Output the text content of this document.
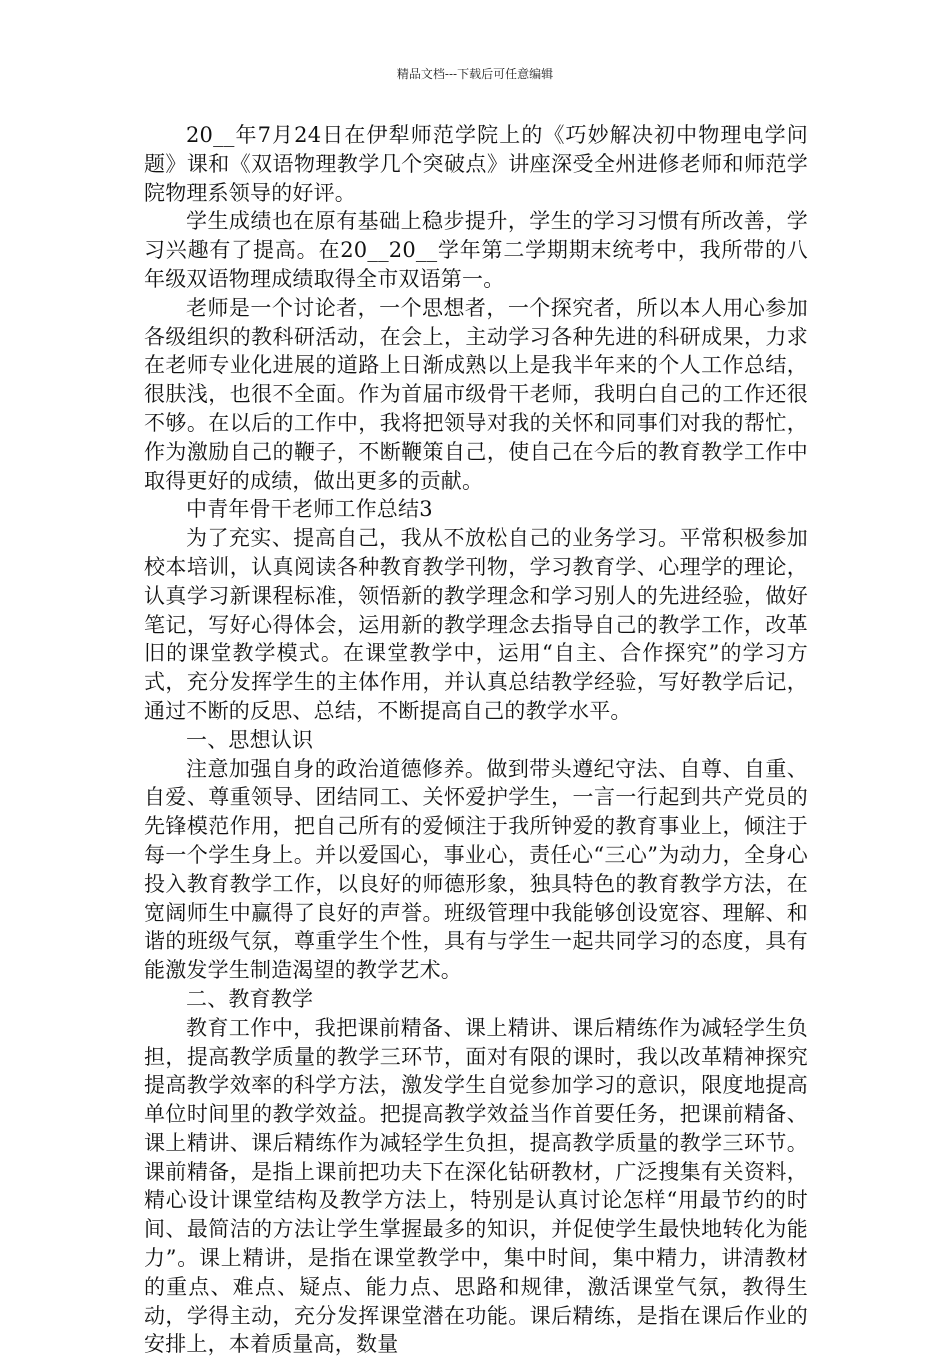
精品文档---下载后可任意编辑

20__年7月24日在伊犁师范学院上的《巧妙解决初中物理电学问题》课和《双语物理教学几个突破点》讲座深受全州进修老师和师范学院物理系领导的好评。

学生成绩也在原有基础上稳步提升，学生的学习习惯有所改善，学习兴趣有了提高。在20__20__学年第二学期期末统考中，我所带的八年级双语物理成绩取得全市双语第一。

老师是一个讨论者，一个思想者，一个探究者，所以本人用心参加各级组织的教科研活动，在会上，主动学习各种先进的科研成果，力求在老师专业化进展的道路上日渐成熟以上是我半年来的个人工作总结，很肤浅，也很不全面。作为首届市级骨干老师，我明白自己的工作还很不够。在以后的工作中，我将把领导对我的关怀和同事们对我的帮忙，作为激励自己的鞭子，不断鞭策自己，使自己在今后的教育教学工作中取得更好的成绩，做出更多的贡献。

中青年骨干老师工作总结3

为了充实、提高自己，我从不放松自己的业务学习。平常积极参加校本培训，认真阅读各种教育教学刊物，学习教育学、心理学的理论，认真学习新课程标准，领悟新的教学理念和学习别人的先进经验，做好笔记，写好心得体会，运用新的教学理念去指导自己的教学工作，改革旧的课堂教学模式。在课堂教学中，运用“自主、合作探究”的学习方式，充分发挥学生的主体作用，并认真总结教学经验，写好教学后记，通过不断的反思、总结，不断提高自己的教学水平。

一、思想认识

注意加强自身的政治道德修养。做到带头遵纪守法、自尊、自重、自爱、尊重领导、团结同工、关怀爱护学生，一言一行起到共产党员的先锋模范作用，把自己所有的爱倾注于我所钟爱的教育事业上，倾注于每一个学生身上。并以爱国心，事业心，责任心“三心”为动力，全身心投入教育教学工作，以良好的师德形象，独具特色的教育教学方法，在宽阔师生中赢得了良好的声誉。班级管理中我能够创设宽容、理解、和谐的班级气氛，尊重学生个性，具有与学生一起共同学习的态度，具有能激发学生制造渴望的教学艺术。

二、教育教学

教育工作中，我把课前精备、课上精讲、课后精练作为减轻学生负担，提高教学质量的教学三环节，面对有限的课时，我以改革精神探究提高教学效率的科学方法，激发学生自觉参加学习的意识，限度地提高单位时间里的教学效益。把提高教学效益当作首要任务，把课前精备、课上精讲、课后精练作为减轻学生负担，提高教学质量的教学三环节。课前精备，是指上课前把功夫下在深化钻研教材，广泛搜集有关资料，精心设计课堂结构及教学方法上，特别是认真讨论怎样“用最节约的时间、最简洁的方法让学生掌握最多的知识，并促使学生最快地转化为能力”。课上精讲，是指在课堂教学中，集中时间，集中精力，讲清教材的重点、难点、疑点、能力点、思路和规律，激活课堂气氛，教得生动，学得主动，充分发挥课堂潜在功能。课后精练，是指在课后作业的安排上，本着质量高，数量
